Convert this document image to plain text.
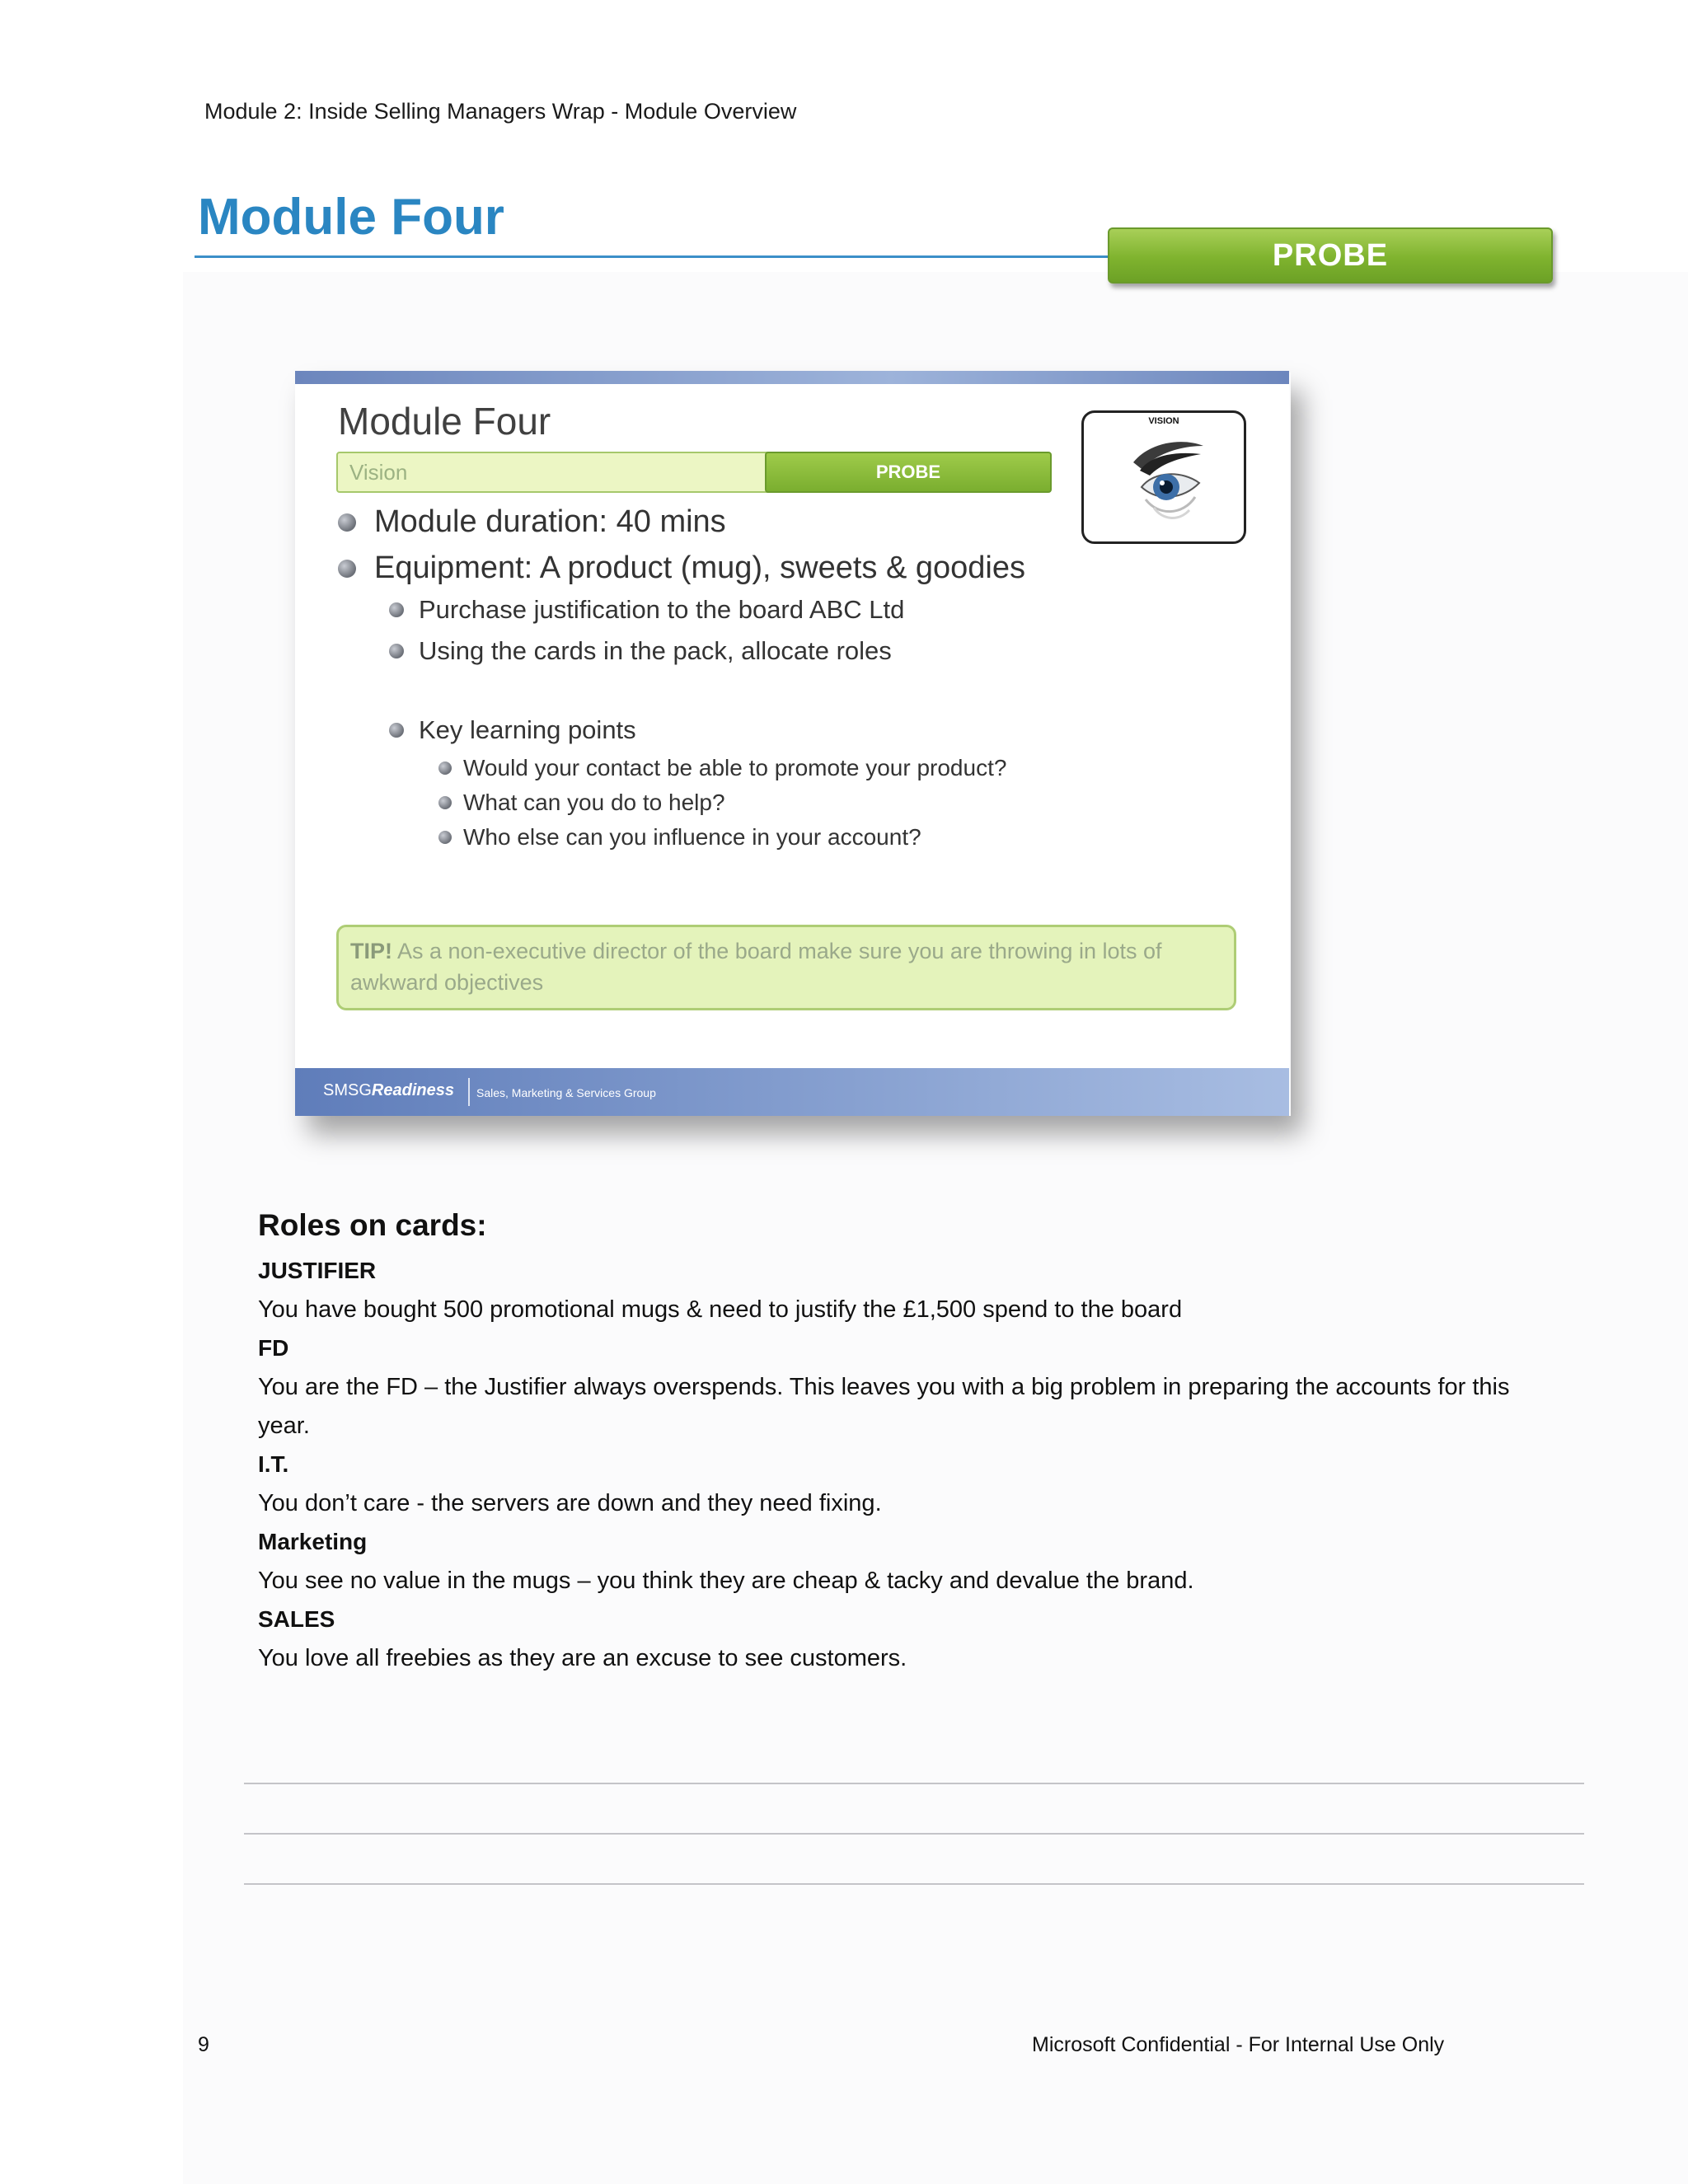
Module 2: Inside Selling Managers Wrap - Module Overview
Module Four
PROBE
Module Four
Vision	PROBE
VISION
Module duration: 40 mins
Equipment: A product (mug), sweets & goodies
Purchase justification to the board ABC Ltd
Using the cards in the pack, allocate roles
Key learning points
Would your contact be able to promote your product?
What can you do to help?
Who else can you influence in your account?
TIP! As a non-executive director of the board make sure you are throwing in lots of awkward objectives
SMSGReadiness Sales, Marketing & Services Group
Roles on cards:
JUSTIFIER
You have bought 500 promotional mugs & need to justify the £1,500 spend to the board
FD
You are the FD – the Justifier always overspends. This leaves you with a big problem in preparing the accounts for this year.
I.T.
You don’t care - the servers are down and they need fixing.
Marketing
You see no value in the mugs – you think they are cheap & tacky and devalue the brand.
SALES
You love all freebies as they are an excuse to see customers.
9	Microsoft Confidential - For Internal Use Only
